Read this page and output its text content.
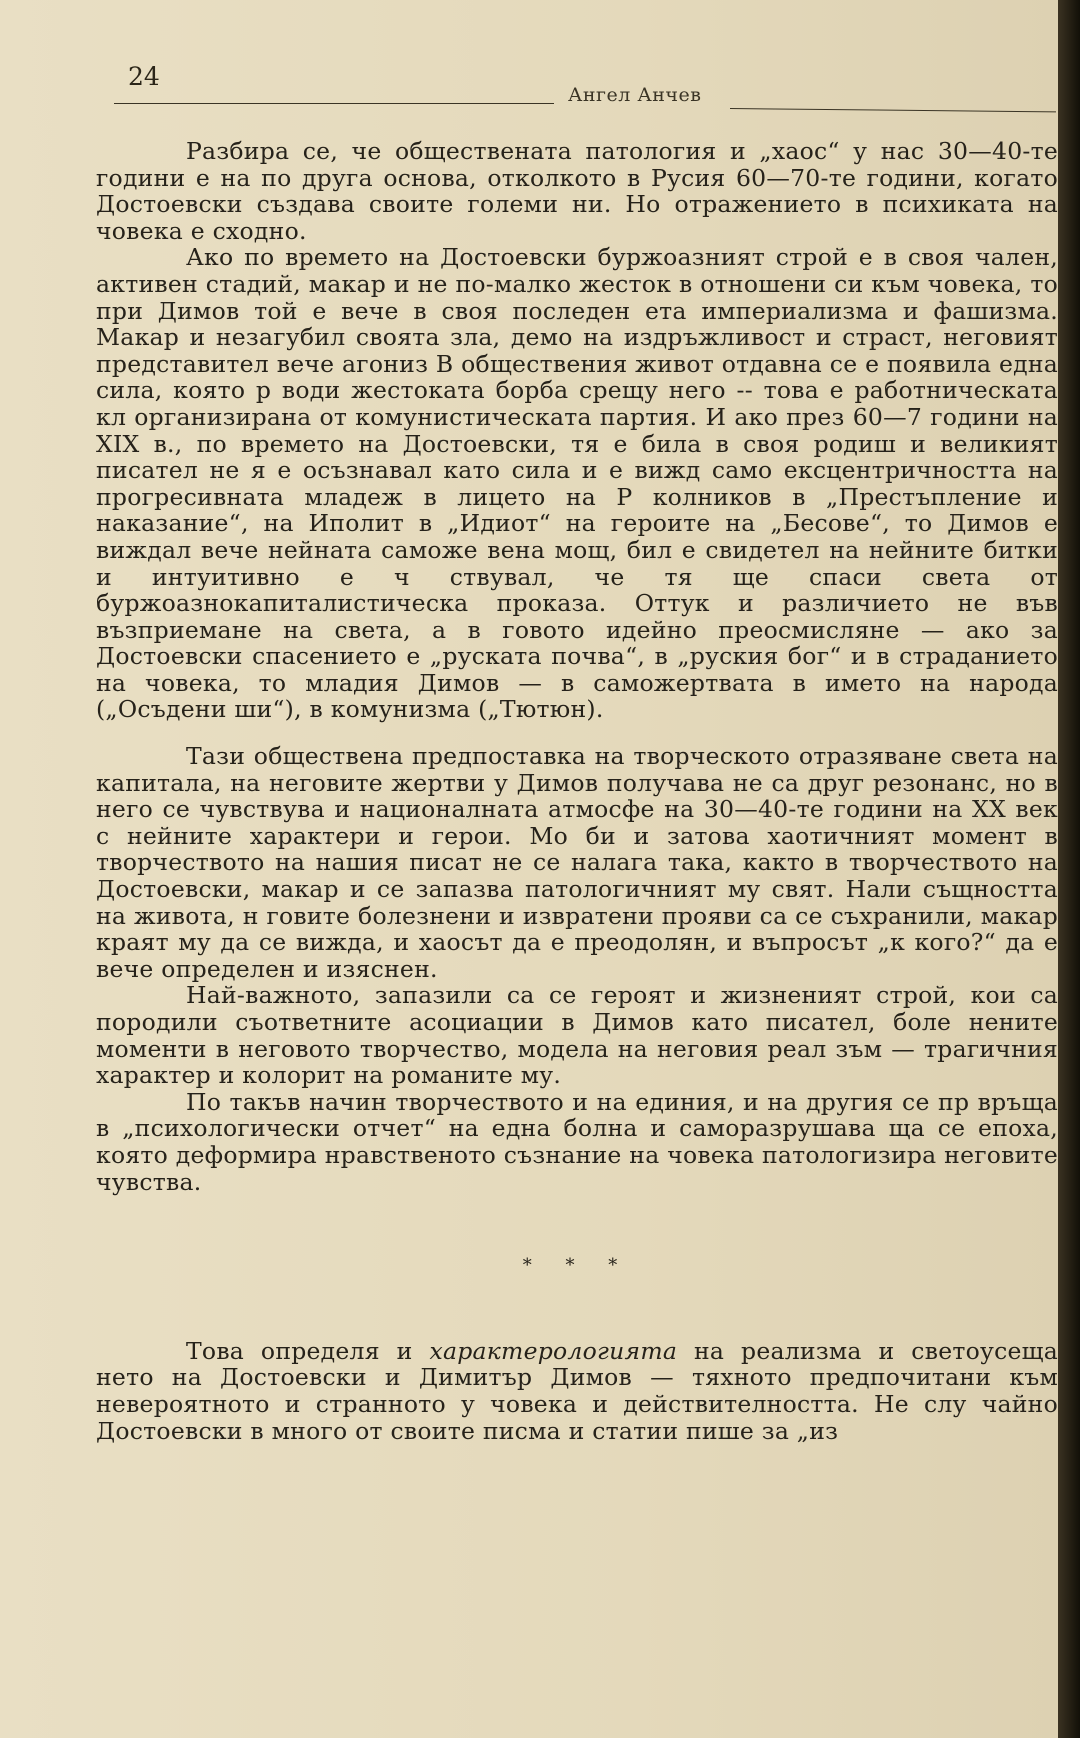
24
Ангел Анчев

Разбира се, че обществената патология и „хаос“ у нас 30—40-те години е на по друга основа, отколкото в Русия 60—70-те години, когато Достоевски създава своите големи ни. Но отражението в психиката на човека е сходно.

Ако по времето на Достоевски буржоазният строй е в своя чален, активен стадий, макар и не по-малко жесток в отношени си към човека, то при Димов той е вече в своя последен ета империализма и фашизма. Макар и незагубил своята зла, демо на издръжливост и страст, неговият представител вече агониз В обществения живот отдавна се е появила една сила, която р води жестоката борба срещу него -- това е работническата кл организирана от комунистическата партия. И ако през 60—7 години на XIX в., по времето на Достоевски, тя е била в своя родиш и великият писател не я е осъзнавал като сила и е вижд само ексцентричността на прогресивната младеж в лицето на Р колников в „Престъпление и наказание“, на Иполит в „Идиот“ на героите на „Бесове“, то Димов е виждал вече нейната саможе вена мощ, бил е свидетел на нейните битки и интуитивно е ч ствувал, че тя ще спаси света от буржоазнокапиталистическа проказа. Оттук и различието не във възприемане на света, а в говото идейно преосмисляне — ако за Достоевски спасението е „руската почва“, в „руския бог“ и в страданието на човека, то младия Димов — в саможертвата в името на народа („Осъдени ши“), в комунизма („Тютюн).

Тази обществена предпоставка на творческото отразяване света на капитала, на неговите жертви у Димов получава не са друг резонанс, но в него се чувствува и националната атмосфе на 30—40-те години на XX век с нейните характери и герои. Мо би и затова хаотичният момент в творчеството на нашия писат не се налага така, както в творчеството на Достоевски, макар и се запазва патологичният му свят. Нали същността на живота, н говите болезнени и извратени прояви са се съхранили, макар краят му да се вижда, и хаосът да е преодолян, и въпросът „к кого?“ да е вече определен и изяснен.

Най-важното, запазили са се героят и жизненият строй, кои са породили съответните асоциации в Димов като писател, боле нените моменти в неговото творчество, модела на неговия реал зъм — трагичния характер и колорит на романите му.

По такъв начин творчеството и на единия, и на другия се пр връща в „психологически отчет“ на една болна и саморазрушава ща се епоха, която деформира нравственото съзнание на човека патологизира неговите чувства.

* * *

Това определя и характерологията на реализма и светоусеща нето на Достоевски и Димитър Димов — тяхното предпочитани към невероятното и странното у човека и действителността. Не слу чайно Достоевски в много от своите писма и статии пише за „из
